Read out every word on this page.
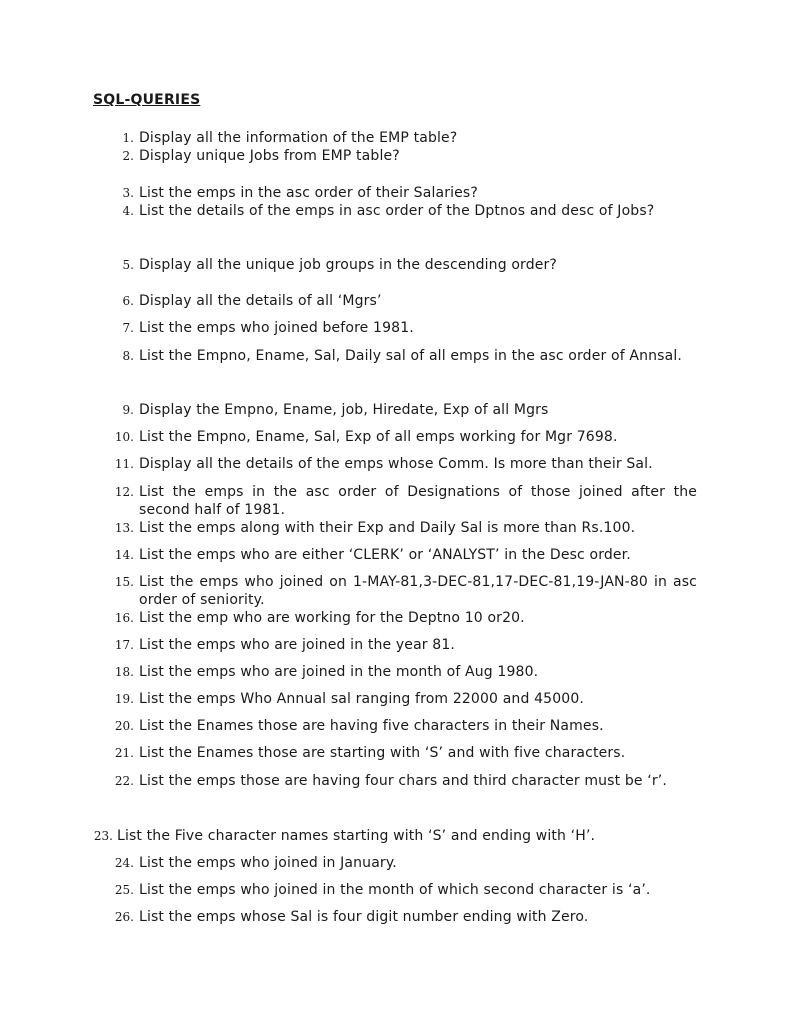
SQL-QUERIES
1. Display all the information of the EMP table?
2. Display unique Jobs from EMP table?
3. List the emps in the asc order of their Salaries?
4. List the details of the emps in asc order of the Dptnos and desc of Jobs?
5. Display all the unique job groups in the descending order?
6. Display all the details of all ‘Mgrs’
7. List the emps who joined before 1981.
8. List the Empno, Ename, Sal, Daily sal of all emps in the asc order of Annsal.
9. Display the Empno, Ename, job, Hiredate, Exp of all Mgrs
10. List the Empno, Ename, Sal, Exp of all emps working for Mgr 7698.
11. Display all the details of the emps whose Comm. Is more than their Sal.
12. List the emps in the asc order of Designations of those joined after the second half of 1981.
13. List the emps along with their Exp and Daily Sal is more than Rs.100.
14. List the emps who are either ‘CLERK’ or ‘ANALYST’ in the Desc order.
15. List the emps who joined on 1-MAY-81,3-DEC-81,17-DEC-81,19-JAN-80 in asc order of seniority.
16. List the emp who are working for the Deptno 10 or20.
17. List the emps who are joined in the year 81.
18. List the emps who are joined in the month of Aug 1980.
19. List the emps Who Annual sal ranging from 22000 and 45000.
20. List the Enames those are having five characters in their Names.
21. List the Enames those are starting with ‘S’ and with five characters.
22. List the emps those are having four chars and third character must be ‘r’.
23. List the Five character names starting with ‘S’ and ending with ‘H’.
24. List the emps who joined in January.
25. List the emps who joined in the month of which second character is ‘a’.
26. List the emps whose Sal is four digit number ending with Zero.
